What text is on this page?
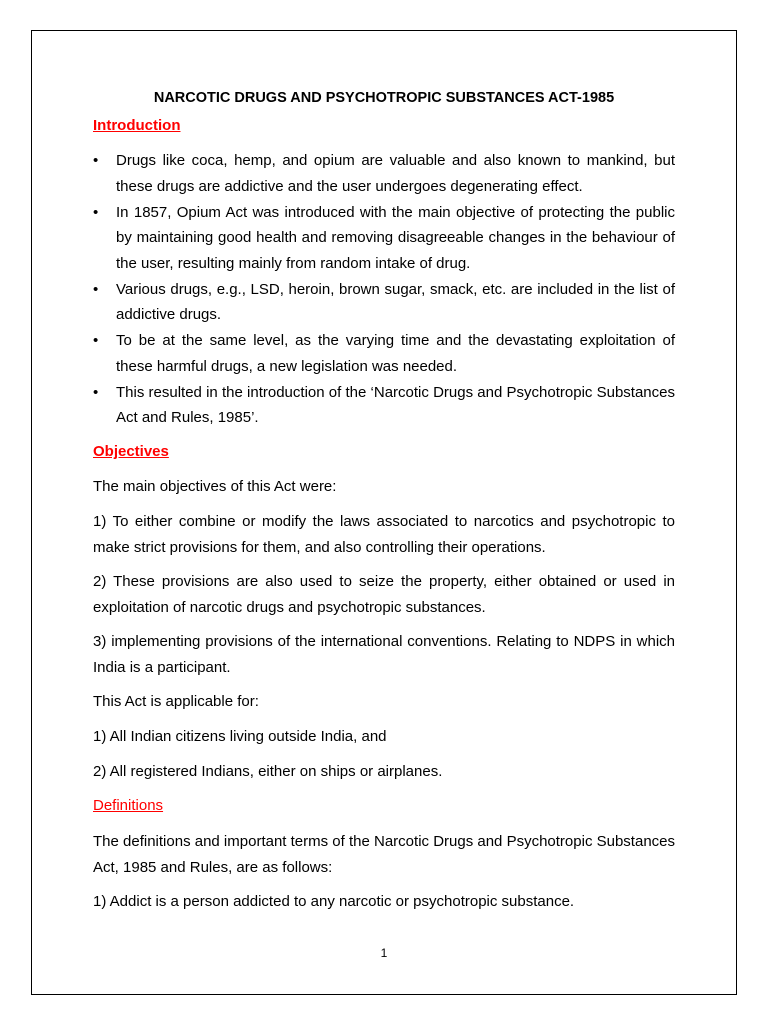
NARCOTIC DRUGS AND PSYCHOTROPIC SUBSTANCES ACT-1985
Introduction
•	Drugs like coca, hemp, and opium are valuable and also known to mankind, but these drugs are addictive and the user undergoes degenerating effect.
•	In 1857, Opium Act was introduced with the main objective of protecting the public by maintaining good health and removing disagreeable changes in the behaviour of the user, resulting mainly from random intake of drug.
•	Various drugs, e.g., LSD, heroin, brown sugar, smack, etc. are included in the list of addictive drugs.
•	To be at the same level, as the varying time and the devastating exploitation of these harmful drugs, a new legislation was needed.
•	This resulted in the introduction of the ‘Narcotic Drugs and Psychotropic Substances Act and Rules, 1985’.
Objectives

The main objectives of this Act were:

1) To either combine or modify the laws associated to narcotics and psychotropic to make strict provisions for them, and also controlling their operations.

2) These provisions are also used to seize the property, either obtained or used in exploitation of narcotic drugs and psychotropic substances.

3) implementing provisions of the international conventions. Relating to NDPS in which India is a participant.

This Act is applicable for:

1) All Indian citizens living outside India, and

2) All registered Indians, either on ships or airplanes.

Definitions

The definitions and important terms of the Narcotic Drugs and Psychotropic Substances Act, 1985 and Rules, are as follows:

1) Addict is a person addicted to any narcotic or psychotropic substance.

1
